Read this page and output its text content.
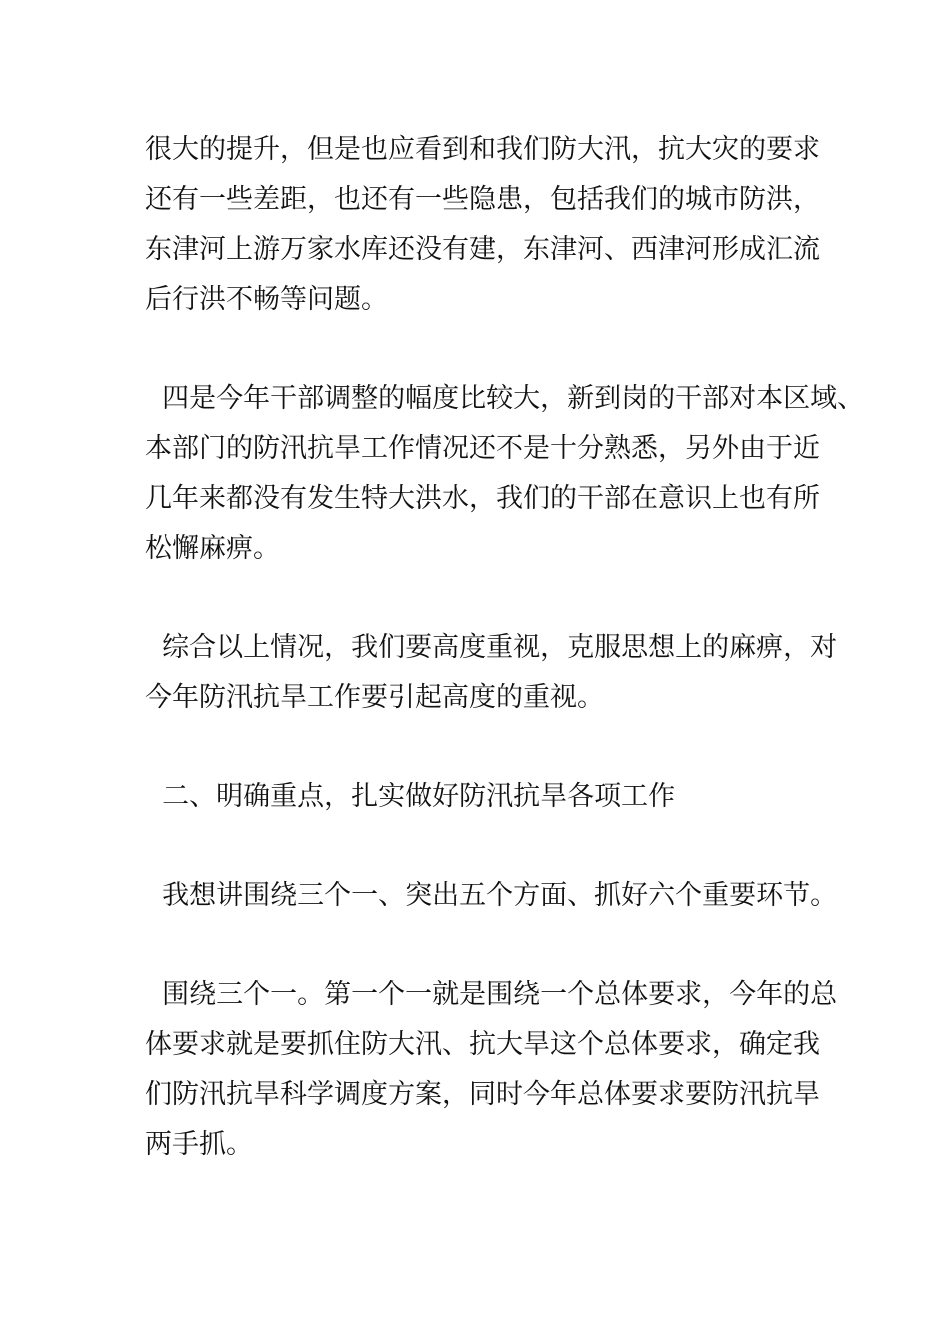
很大的提升，但是也应看到和我们防大汛，抗大灾的要求
还有一些差距，也还有一些隐患，包括我们的城市防洪，
东津河上游万家水库还没有建，东津河、西津河形成汇流
后行洪不畅等问题。
四是今年干部调整的幅度比较大，新到岗的干部对本区域、
本部门的防汛抗旱工作情况还不是十分熟悉，另外由于近
几年来都没有发生特大洪水，我们的干部在意识上也有所
松懈麻痹。
综合以上情况，我们要高度重视，克服思想上的麻痹，对
今年防汛抗旱工作要引起高度的重视。
二、明确重点，扎实做好防汛抗旱各项工作
我想讲围绕三个一、突出五个方面、抓好六个重要环节。
围绕三个一。第一个一就是围绕一个总体要求，今年的总
体要求就是要抓住防大汛、抗大旱这个总体要求，确定我
们防汛抗旱科学调度方案，同时今年总体要求要防汛抗旱
两手抓。
